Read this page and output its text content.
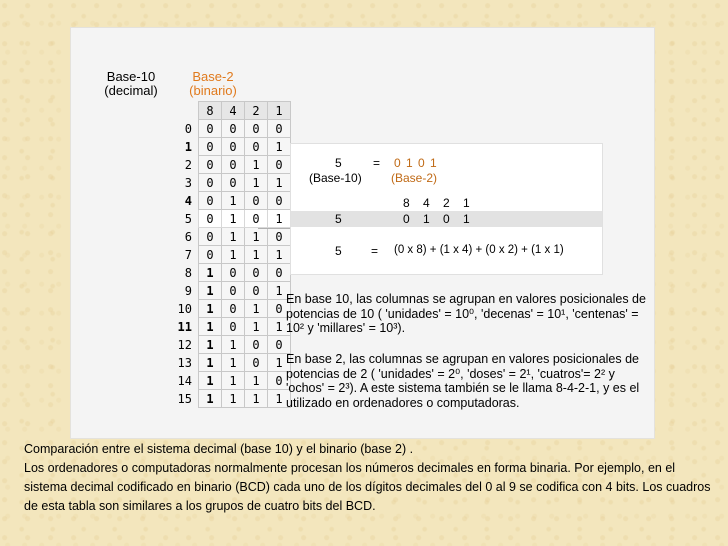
Base-10
(decimal)
Base-2
(binario)
	8	4	2	1
0	0	0	0	0
1	0	0	0	1
2	0	0	1	0
3	0	0	1	1
4	0	1	0	0
5	0	1	0	1
6	0	1	1	0
7	0	1	1	1
8	1	0	0	0
9	1	0	0	1
10	1	0	1	0
11	1	0	1	1
12	1	1	0	0
13	1	1	0	1
14	1	1	1	0
15	1	1	1	1
5	= 0 1 0 1
(Base-10) (Base-2)
8    4    2    1
5	0    1    0    1
5 = (0 x 8) + (1 x 4) + (0 x 2) + (1 x 1)
En base 10, las columnas se agrupan en valores posicionales de potencias de 10 ( 'unidades' = 10⁰, 'decenas' = 10¹, 'centenas' = 10² y 'millares' = 10³).
En base 2, las columnas se agrupan en valores posicionales de potencias de 2 ( 'unidades' = 2⁰, 'doses' = 2¹, 'cuatros'= 2² y 'ochos' = 2³). A este sistema también se le llama 8-4-2-1, y es el utilizado en ordenadores o computadoras.
Comparación entre el sistema decimal (base 10) y el binario (base 2) .
Los ordenadores o computadoras normalmente procesan los números decimales en forma binaria. Por ejemplo, en el sistema decimal codificado en binario (BCD) cada uno de los dígitos decimales del 0 al 9 se codifica con 4 bits. Los cuadros de esta tabla son similares a los grupos de cuatro bits del BCD.
